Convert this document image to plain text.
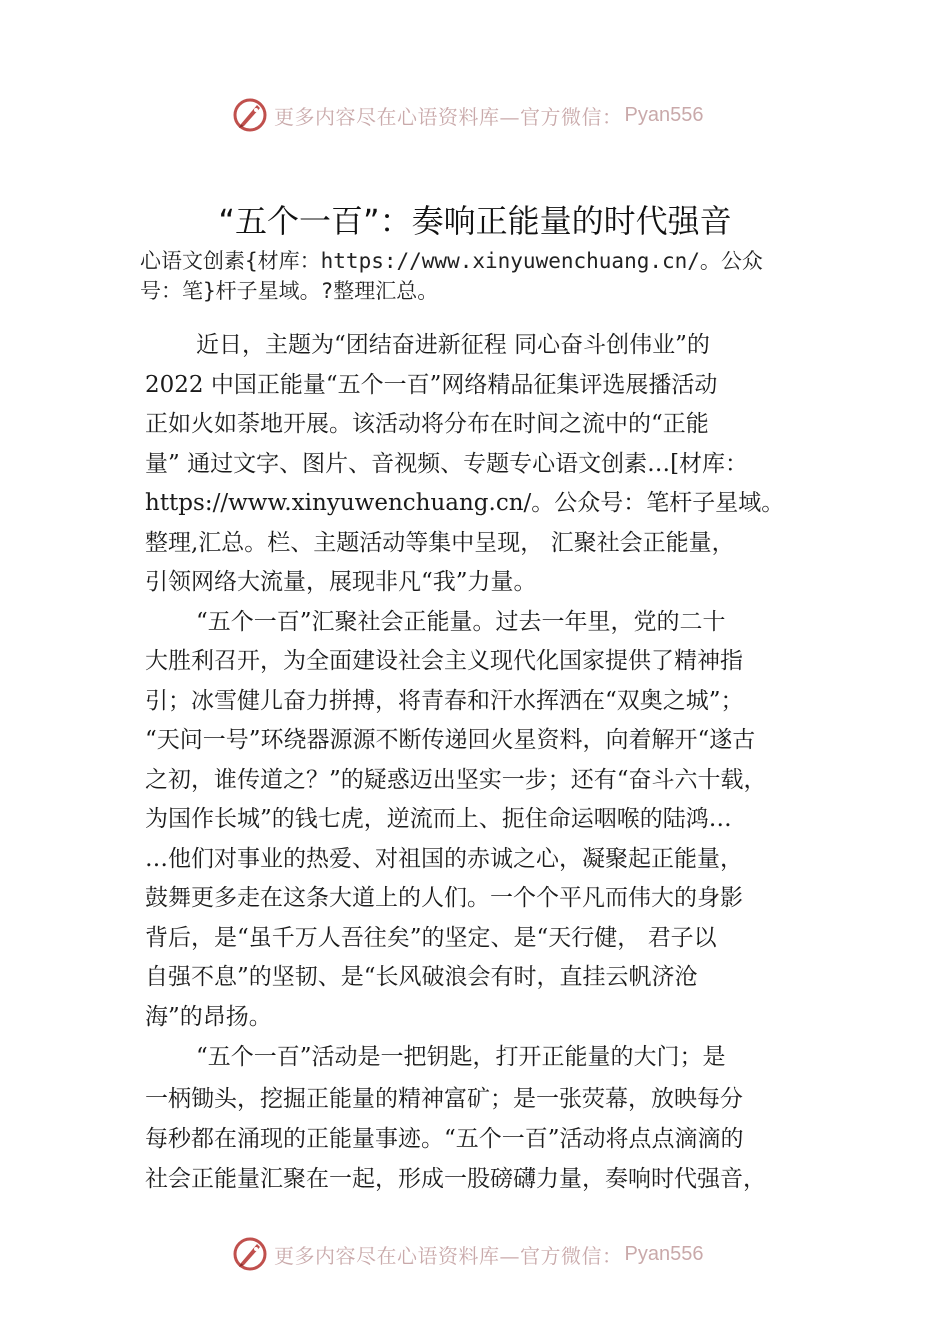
更多内容尽在心语资料库—官方微信： Pyan556
“五个一百”：奏响正能量的时代强音
心语文创素{材库：https://www.xinyuwenchuang.cn/。公众
号：笔}杆子星域。?整理汇总。
近日，主题为“团结奋进新征程 同心奋斗创伟业”的
2022 中国正能量“五个一百”网络精品征集评选展播活动
正如火如荼地开展。该活动将分布在时间之流中的“正能
量” 通过文字、图片、音视频、专题专心语文创素…[材库：
https://www.xinyuwenchuang.cn/。公众号：笔杆子星域。
整理,汇总。栏、主题活动等集中呈现， 汇聚社会正能量，
引领网络大流量，展现非凡“我”力量。
“五个一百”汇聚社会正能量。过去一年里，党的二十
大胜利召开，为全面建设社会主义现代化国家提供了精神指
引；冰雪健儿奋力拼搏，将青春和汗水挥洒在“双奥之城”；
“天问一号”环绕器源源不断传递回火星资料，向着解开“遂古
之初，谁传道之？”的疑惑迈出坚实一步；还有“奋斗六十载，
为国作长城”的钱七虎，逆流而上、扼住命运咽喉的陆鸿…
…他们对事业的热爱、对祖国的赤诚之心，凝聚起正能量，
鼓舞更多走在这条大道上的人们。一个个平凡而伟大的身影
背后，是“虽千万人吾往矣”的坚定、是“天行健， 君子以
自强不息”的坚韧、是“长风破浪会有时，直挂云帆济沧
海”的昂扬。
“五个一百”活动是一把钥匙，打开正能量的大门；是
一柄锄头，挖掘正能量的精神富矿；是一张荧幕，放映每分
每秒都在涌现的正能量事迹。“五个一百”活动将点点滴滴的
社会正能量汇聚在一起，形成一股磅礴力量，奏响时代强音，
更多内容尽在心语资料库—官方微信： Pyan556
